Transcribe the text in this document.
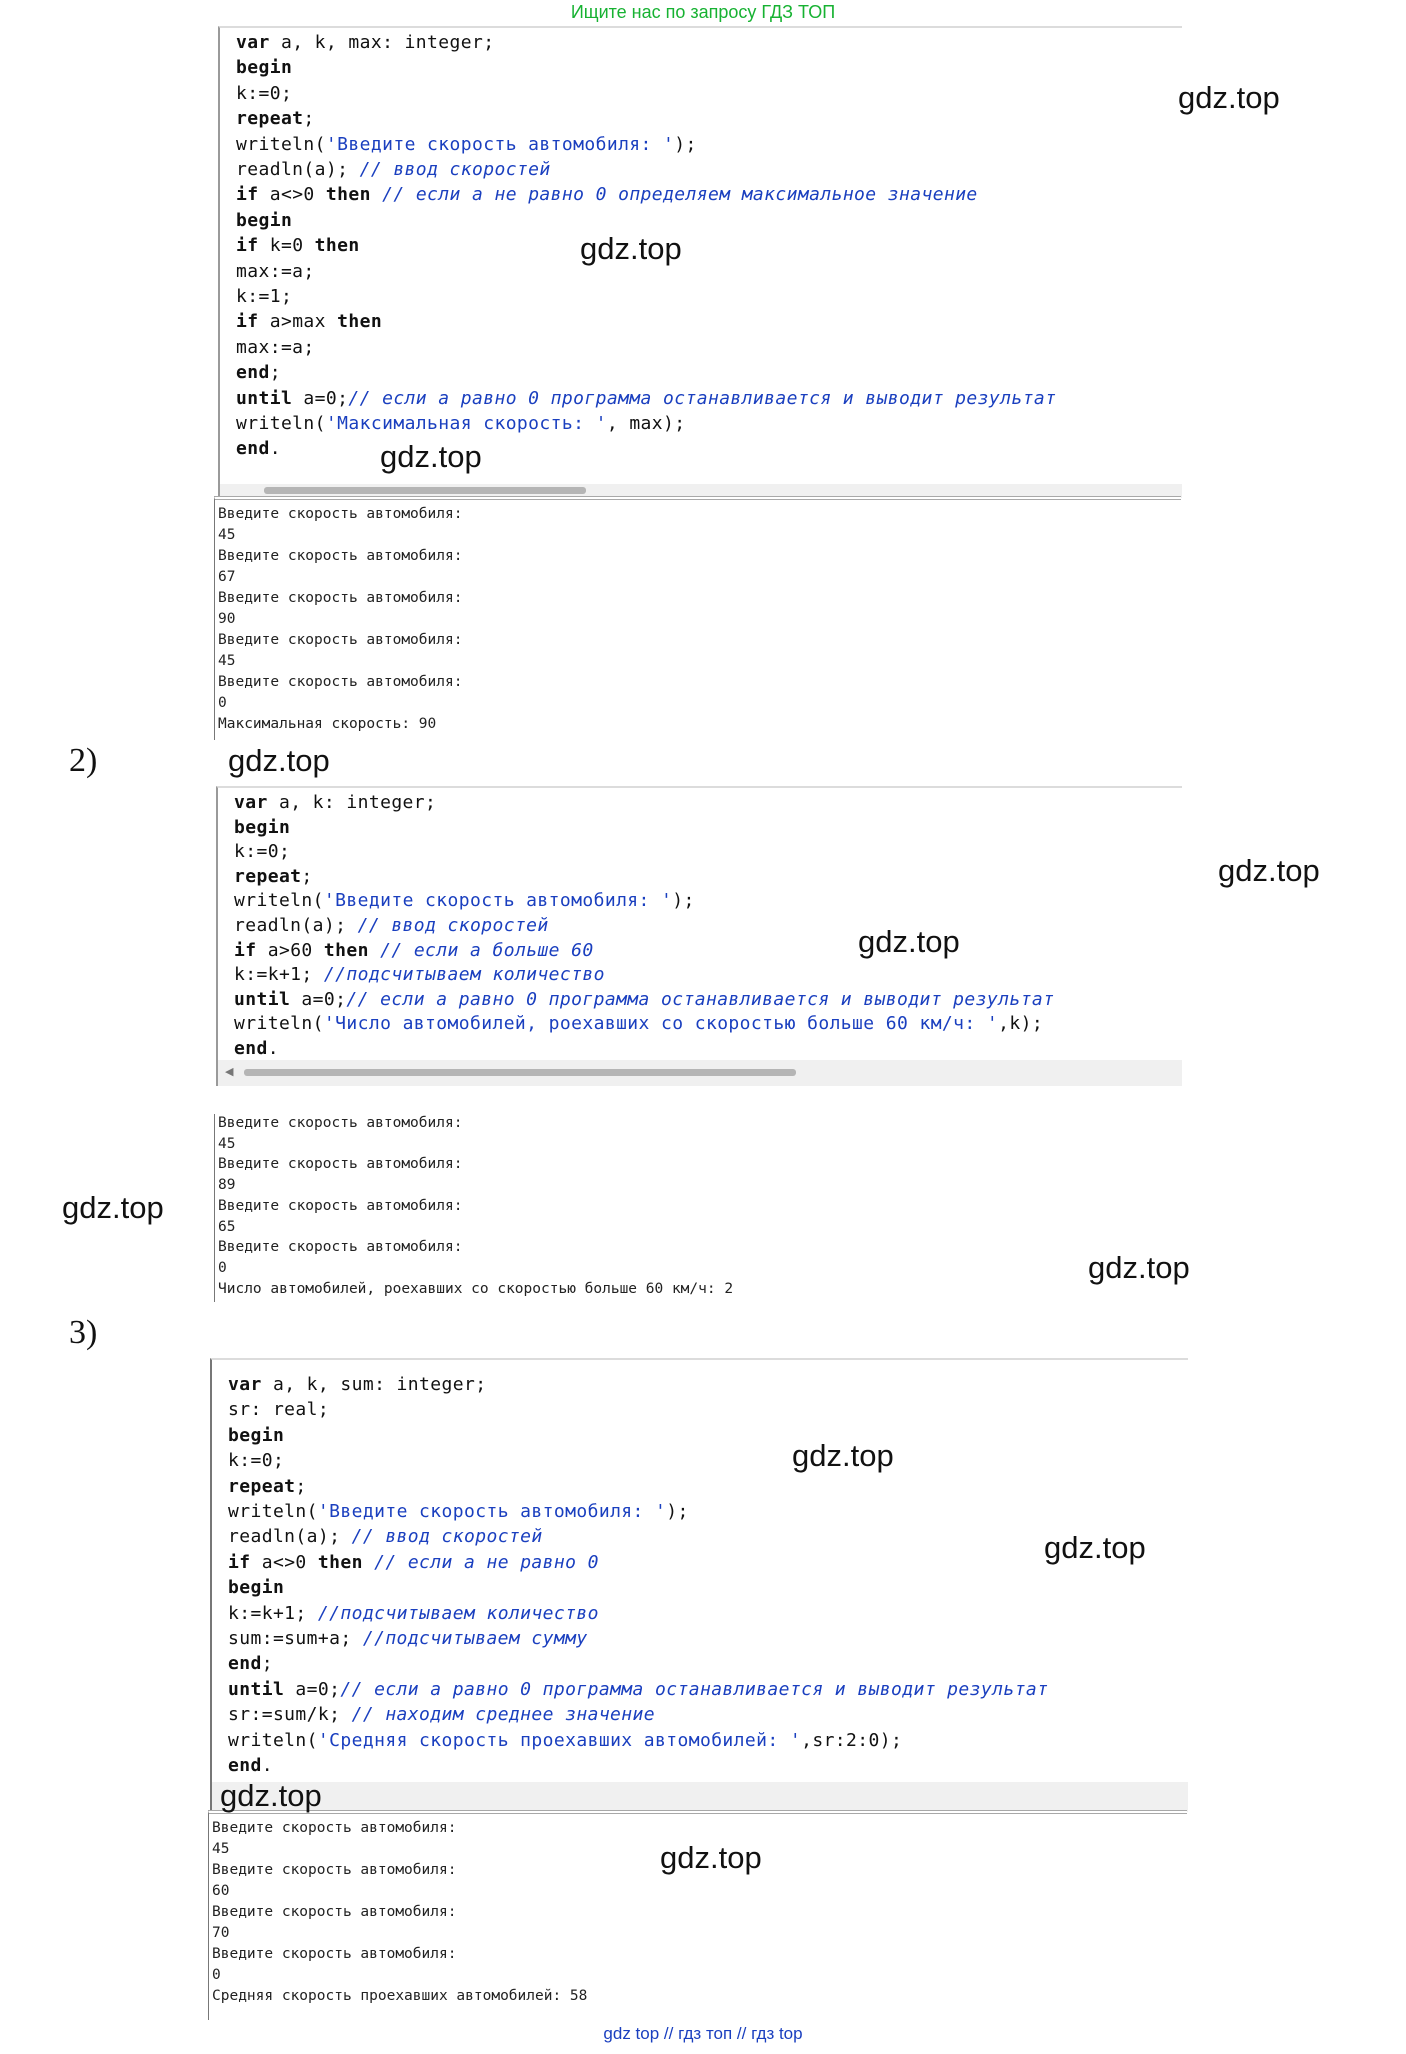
Ищите нас по запросу ГДЗ ТОП
var a, k, max: integer;
begin
k:=0;
repeat;
writeln('Введите скорость автомобиля: ');
readln(a); // ввод скоростей
if a<>0 then // если a не равно 0 определяем максимальное значение
begin
if k=0 then
max:=a;
k:=1;
if a>max then
max:=a;
end;
until a=0;// если a равно 0 программа останавливается и выводит результат
writeln('Максимальная скорость: ', max);
end.
Введите скорость автомобиля:
45
Введите скорость автомобиля:
67
Введите скорость автомобиля:
90
Введите скорость автомобиля:
45
Введите скорость автомобиля:
0
Максимальная скорость: 90
2)
var a, k: integer;
begin
k:=0;
repeat;
writeln('Введите скорость автомобиля: ');
readln(a); // ввод скоростей
if a>60 then // если a больше 60
k:=k+1; //подсчитываем количество
until a=0;// если a равно 0 программа останавливается и выводит результат
writeln('Число автомобилей, роехавших со скоростью больше 60 км/ч: ',k);
end.
◀
Введите скорость автомобиля:
45
Введите скорость автомобиля:
89
Введите скорость автомобиля:
65
Введите скорость автомобиля:
0
Число автомобилей, роехавших со скоростью больше 60 км/ч: 2
3)
var a, k, sum: integer;
sr: real;
begin
k:=0;
repeat;
writeln('Введите скорость автомобиля: ');
readln(a); // ввод скоростей
if a<>0 then // если a не равно 0
begin
k:=k+1; //подсчитываем количество
sum:=sum+a; //подсчитываем сумму
end;
until a=0;// если a равно 0 программа останавливается и выводит результат
sr:=sum/k; // находим среднее значение
writeln('Средняя скорость проехавших автомобилей: ',sr:2:0);
end.
Введите скорость автомобиля:
45
Введите скорость автомобиля:
60
Введите скорость автомобиля:
70
Введите скорость автомобиля:
0
Средняя скорость проехавших автомобилей: 58
gdz.top
gdz.top
gdz.top
gdz.top
gdz.top
gdz.top
gdz.top
gdz.top
gdz.top
gdz.top
gdz.top
gdz.top
gdz top // гдз топ // гдз top
